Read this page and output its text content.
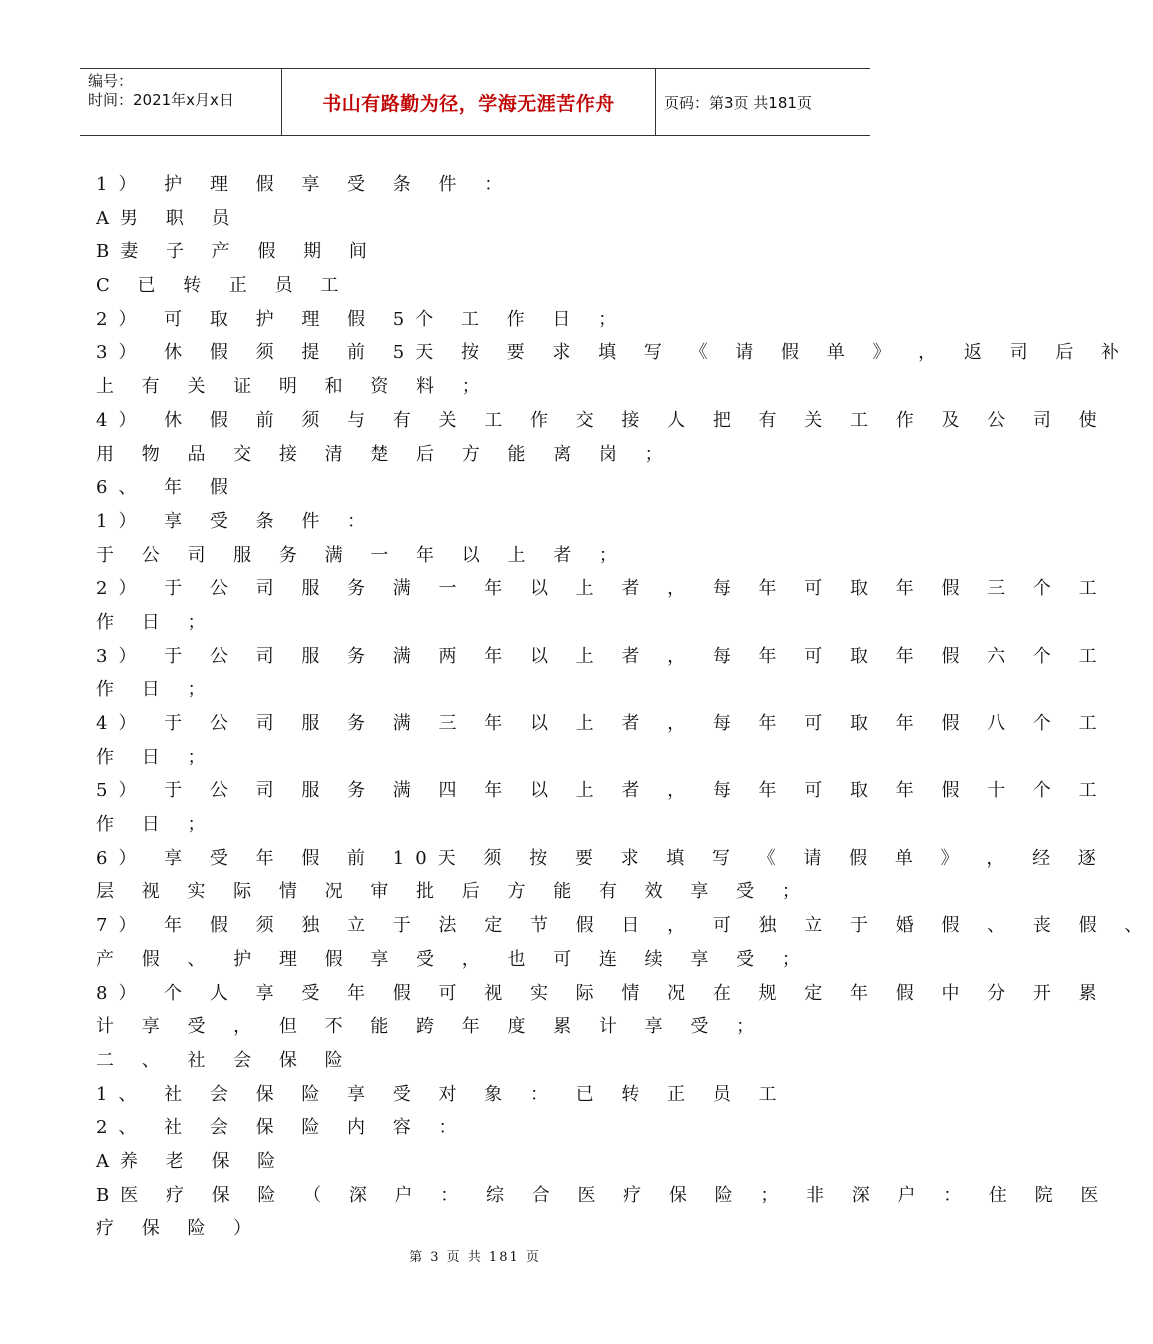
编号：
时间：2021年x月x日	书山有路勤为径，学海无涯苦作舟	页码：第3页 共181页
1） 护 理 假 享 受 条 件 ：
A男 职 员
B妻 子 产 假 期 间
C 已 转 正 员 工
2） 可 取 护 理 假 5个 工 作 日 ；
3） 休 假 须 提 前 5天 按 要 求 填 写 《 请 假 单 》 ， 返 司 后 补
上 有 关 证 明 和 资 料 ；
4） 休 假 前 须 与 有 关 工 作 交 接 人 把 有 关 工 作 及 公 司 使
用 物 品 交 接 清 楚 后 方 能 离 岗 ；
6、 年 假
1） 享 受 条 件 ：
于 公 司 服 务 满 一 年 以 上 者 ；
2） 于 公 司 服 务 满 一 年 以 上 者 ， 每 年 可 取 年 假 三 个 工
作 日 ；
3） 于 公 司 服 务 满 两 年 以 上 者 ， 每 年 可 取 年 假 六 个 工
作 日 ；
4） 于 公 司 服 务 满 三 年 以 上 者 ， 每 年 可 取 年 假 八 个 工
作 日 ；
5） 于 公 司 服 务 满 四 年 以 上 者 ， 每 年 可 取 年 假 十 个 工
作 日 ；
6） 享 受 年 假 前 10天 须 按 要 求 填 写 《 请 假 单 》 ， 经 逐
层 视 实 际 情 况 审 批 后 方 能 有 效 享 受 ；
7） 年 假 须 独 立 于 法 定 节 假 日 ， 可 独 立 于 婚 假 、 丧 假 、
产 假 、 护 理 假 享 受 ， 也 可 连 续 享 受 ；
8） 个 人 享 受 年 假 可 视 实 际 情 况 在 规 定 年 假 中 分 开 累
计 享 受 ， 但 不 能 跨 年 度 累 计 享 受 ；
二 、 社 会 保 险
1、 社 会 保 险 享 受 对 象 ： 已 转 正 员 工
2、 社 会 保 险 内 容 ：
A养 老 保 险
B医 疗 保 险 （ 深 户 ： 综 合 医 疗 保 险 ； 非 深 户 ： 住 院 医
疗 保 险 ）
第 3 页 共 181 页
